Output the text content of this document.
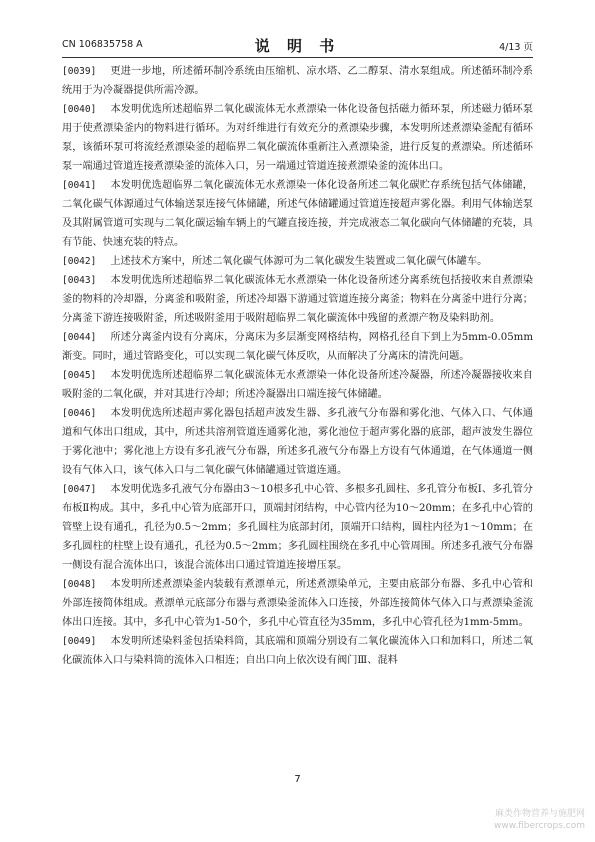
CN 106835758 A	说 明 书	4/13 页

[0039] 更进一步地，所述循环制冷系统由压缩机、凉水塔、乙二醇泵、清水泵组成。所述循环制冷系统用于为冷凝器提供所需冷源。

[0040] 本发明优选所述超临界二氧化碳流体无水煮漂染一体化设备包括磁力循环泵，所述磁力循环泵用于使煮漂染釜内的物料进行循环。为对纤维进行有效充分的煮漂染步骤，本发明所述煮漂染釜配有循环泵，该循环泵可将流经煮漂染釜的超临界二氧化碳流体重新注入煮漂染釜，进行反复的煮漂染。所述循环泵一端通过管道连接煮漂染釜的流体入口，另一端通过管道连接煮漂染釜的流体出口。

[0041] 本发明优选超临界二氧化碳流体无水煮漂染一体化设备所述二氧化碳贮存系统包括气体储罐，二氧化碳气体源通过气体输送泵连接气体储罐，所述气体储罐通过管道连接超声雾化器。利用气体输送泵及其附属管道可实现与二氧化碳运输车辆上的气罐直接连接，并完成液态二氧化碳向气体储罐的充装，具有节能、快速充装的特点。

[0042] 上述技术方案中，所述二氧化碳气体源可为二氧化碳发生装置或二氧化碳气体罐车。

[0043] 本发明优选所述超临界二氧化碳流体无水煮漂染一体化设备所述分离系统包括接收来自煮漂染釜的物料的冷却器，分离釜和吸附釜，所述冷却器下游通过管道连接分离釜；物料在分离釜中进行分离；分离釜下游连接吸附釜，所述吸附釜用于吸附超临界二氧化碳流体中残留的煮漂产物及染料助剂。

[0044] 所述分离釜内设有分离床，分离床为多层渐变网格结构，网格孔径自下到上为5mm-0.05mm渐变。同时，通过管路变化，可以实现二氧化碳气体反吹，从而解决了分离床的清洗问题。

[0045] 本发明优选所述超临界二氧化碳流体无水煮漂染一体化设备所述冷凝器，所述冷凝器接收来自吸附釜的二氧化碳，并对其进行冷却；所述冷凝器出口端连接气体储罐。

[0046] 本发明优选所述超声雾化器包括超声波发生器、多孔液气分布器和雾化池、气体入口、气体通道和气体出口组成，其中，所述共溶剂管道连通雾化池，雾化池位于超声雾化器的底部，超声波发生器位于雾化池中；雾化池上方设有多孔液气分布器，所述多孔液气分布器上方设有气体通道，在气体通道一侧设有气体入口，该气体入口与二氧化碳气体储罐通过管道连通。

[0047] 本发明优选多孔液气分布器由3～10根多孔中心管、多根多孔圆柱、多孔管分布板Ⅰ、多孔管分布板Ⅱ构成。其中，多孔中心管为底部开口，顶端封闭结构，中心管内径为10～20mm；在多孔中心管的管壁上设有通孔，孔径为0.5～2mm；多孔圆柱为底部封闭，顶端开口结构，圆柱内径为1～10mm；在多孔圆柱的柱壁上设有通孔，孔径为0.5～2mm；多孔圆柱围绕在多孔中心管周围。所述多孔液气分布器一侧设有混合流体出口，该混合流体出口通过管道连接增压泵。

[0048] 本发明所述煮漂染釜内装载有煮漂单元，所述煮漂染单元，主要由底部分布器、多孔中心管和外部连接简体组成。煮漂单元底部分布器与煮漂染釜流体入口连接，外部连接简体气体入口与煮漂染釜流体出口连接。其中，多孔中心管为1-50个，多孔中心管直径为35mm，多孔中心管孔径为1mm-5mm。

[0049] 本发明所述染料釜包括染料筒，其底端和顶端分别设有二氧化碳流体入口和加料口，所述二氧化碳流体入口与染料筒的流体入口相连；自出口向上依次设有阀门Ⅲ、混料

7
麻类作物营养与施肥网
www.fibercrops.com
